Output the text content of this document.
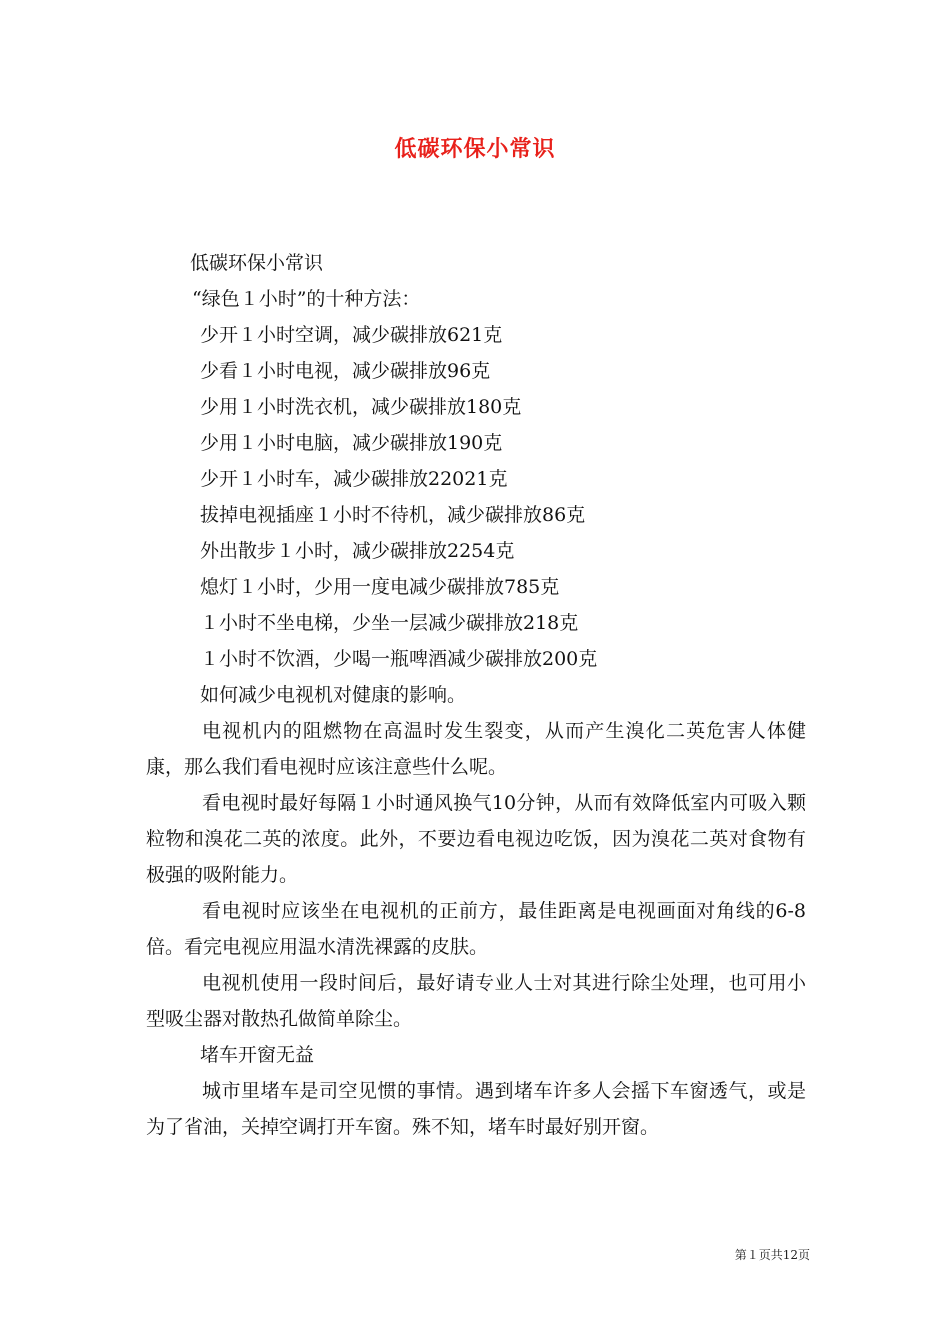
低碳环保小常识
低碳环保小常识
“绿色１小时”的十种方法：
少开１小时空调，减少碳排放621克
少看１小时电视，减少碳排放96克
少用１小时洗衣机，减少碳排放180克
少用１小时电脑，减少碳排放190克
少开１小时车，减少碳排放22021克
拔掉电视插座１小时不待机，减少碳排放86克
外出散步１小时，减少碳排放2254克
熄灯１小时，少用一度电减少碳排放785克
１小时不坐电梯，少坐一层减少碳排放218克
１小时不饮酒，少喝一瓶啤酒减少碳排放200克
如何减少电视机对健康的影响。
电视机内的阻燃物在高温时发生裂变，从而产生溴化二英危害人体健康，那么我们看电视时应该注意些什么呢。
看电视时最好每隔１小时通风换气10分钟，从而有效降低室内可吸入颗粒物和溴花二英的浓度。此外，不要边看电视边吃饭，因为溴花二英对食物有极强的吸附能力。
看电视时应该坐在电视机的正前方，最佳距离是电视画面对角线的6-8倍。看完电视应用温水清洗裸露的皮肤。
电视机使用一段时间后，最好请专业人士对其进行除尘处理，也可用小型吸尘器对散热孔做简单除尘。
堵车开窗无益
城市里堵车是司空见惯的事情。遇到堵车许多人会摇下车窗透气，或是为了省油，关掉空调打开车窗。殊不知，堵车时最好别开窗。
第１页共12页
